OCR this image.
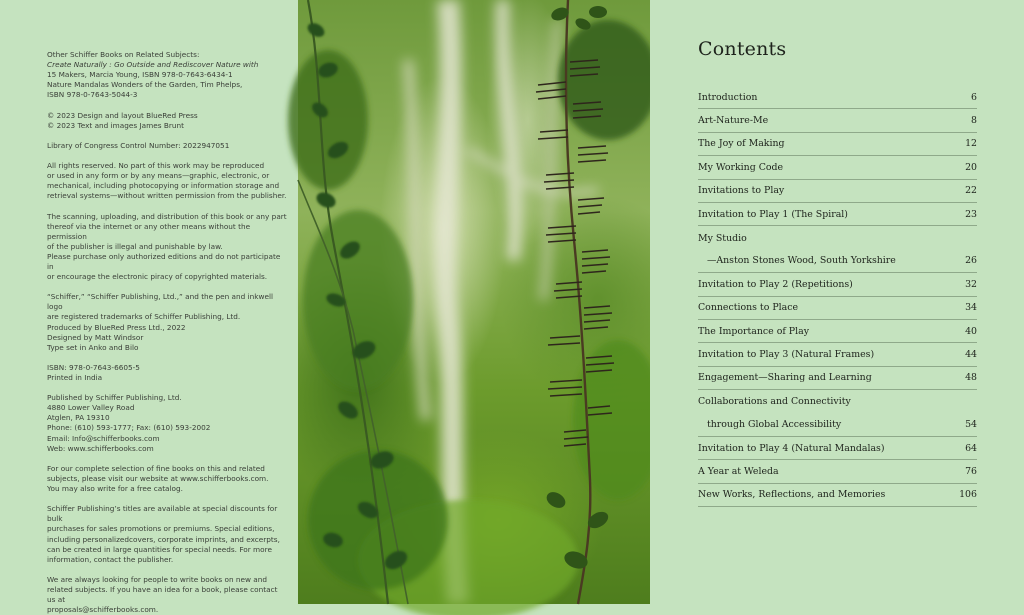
Other Schiffer Books on Related Subjects:
Create Naturally : Go Outside and Rediscover Nature with
15 Makers, Marcia Young, ISBN 978-0-7643-6434-1
Nature Mandalas Wonders of the Garden, Tim Phelps,
ISBN 978-0-7643-5044-3

© 2023 Design and layout BlueRed Press
© 2023 Text and images James Brunt

Library of Congress Control Number: 2022947051

All rights reserved. No part of this work may be reproduced
or used in any form or by any means—graphic, electronic, or
mechanical, including photocopying or information storage and
retrieval systems—without written permission from the publisher.

The scanning, uploading, and distribution of this book or any part
thereof via the internet or any other means without the permission
of the publisher is illegal and punishable by law.
Please purchase only authorized editions and do not participate in
or encourage the electronic piracy of copyrighted materials.

“Schiffer,” “Schiffer Publishing, Ltd.,” and the pen and inkwell logo
are registered trademarks of Schiffer Publishing, Ltd.
Produced by BlueRed Press Ltd., 2022
Designed by Matt Windsor
Type set in Anko and Bilo

ISBN: 978-0-7643-6605-5
Printed in India

Published by Schiffer Publishing, Ltd.
4880 Lower Valley Road
Atglen, PA 19310
Phone: (610) 593-1777; Fax: (610) 593-2002
Email: Info@schifferbooks.com
Web: www.schifferbooks.com

For our complete selection of fine books on this and related
subjects, please visit our website at www.schifferbooks.com.
You may also write for a free catalog.

Schiffer Publishing’s titles are available at special discounts for bulk
purchases for sales promotions or premiums. Special editions,
including personalizedcovers, corporate imprints, and excerpts,
can be created in large quantities for special needs. For more
information, contact the publisher.

We are always looking for people to write books on new and
related subjects. If you have an idea for a book, please contact us at
proposals@schifferbooks.com.

Contents
Introduction	6
Art-Nature-Me	8
The Joy of Making	12
My Working Code	20
Invitations to Play	22
Invitation to Play 1 (The Spiral)	23
My Studio
—Anston Stones Wood, South Yorkshire	26
Invitation to Play 2 (Repetitions)	32
Connections to Place	34
The Importance of Play	40
Invitation to Play 3 (Natural Frames)	44
Engagement—Sharing and Learning	48
Collaborations and Connectivity
through Global Accessibility	54
Invitation to Play 4 (Natural Mandalas)	64
A Year at Weleda	76
New Works, Reflections, and Memories	106
